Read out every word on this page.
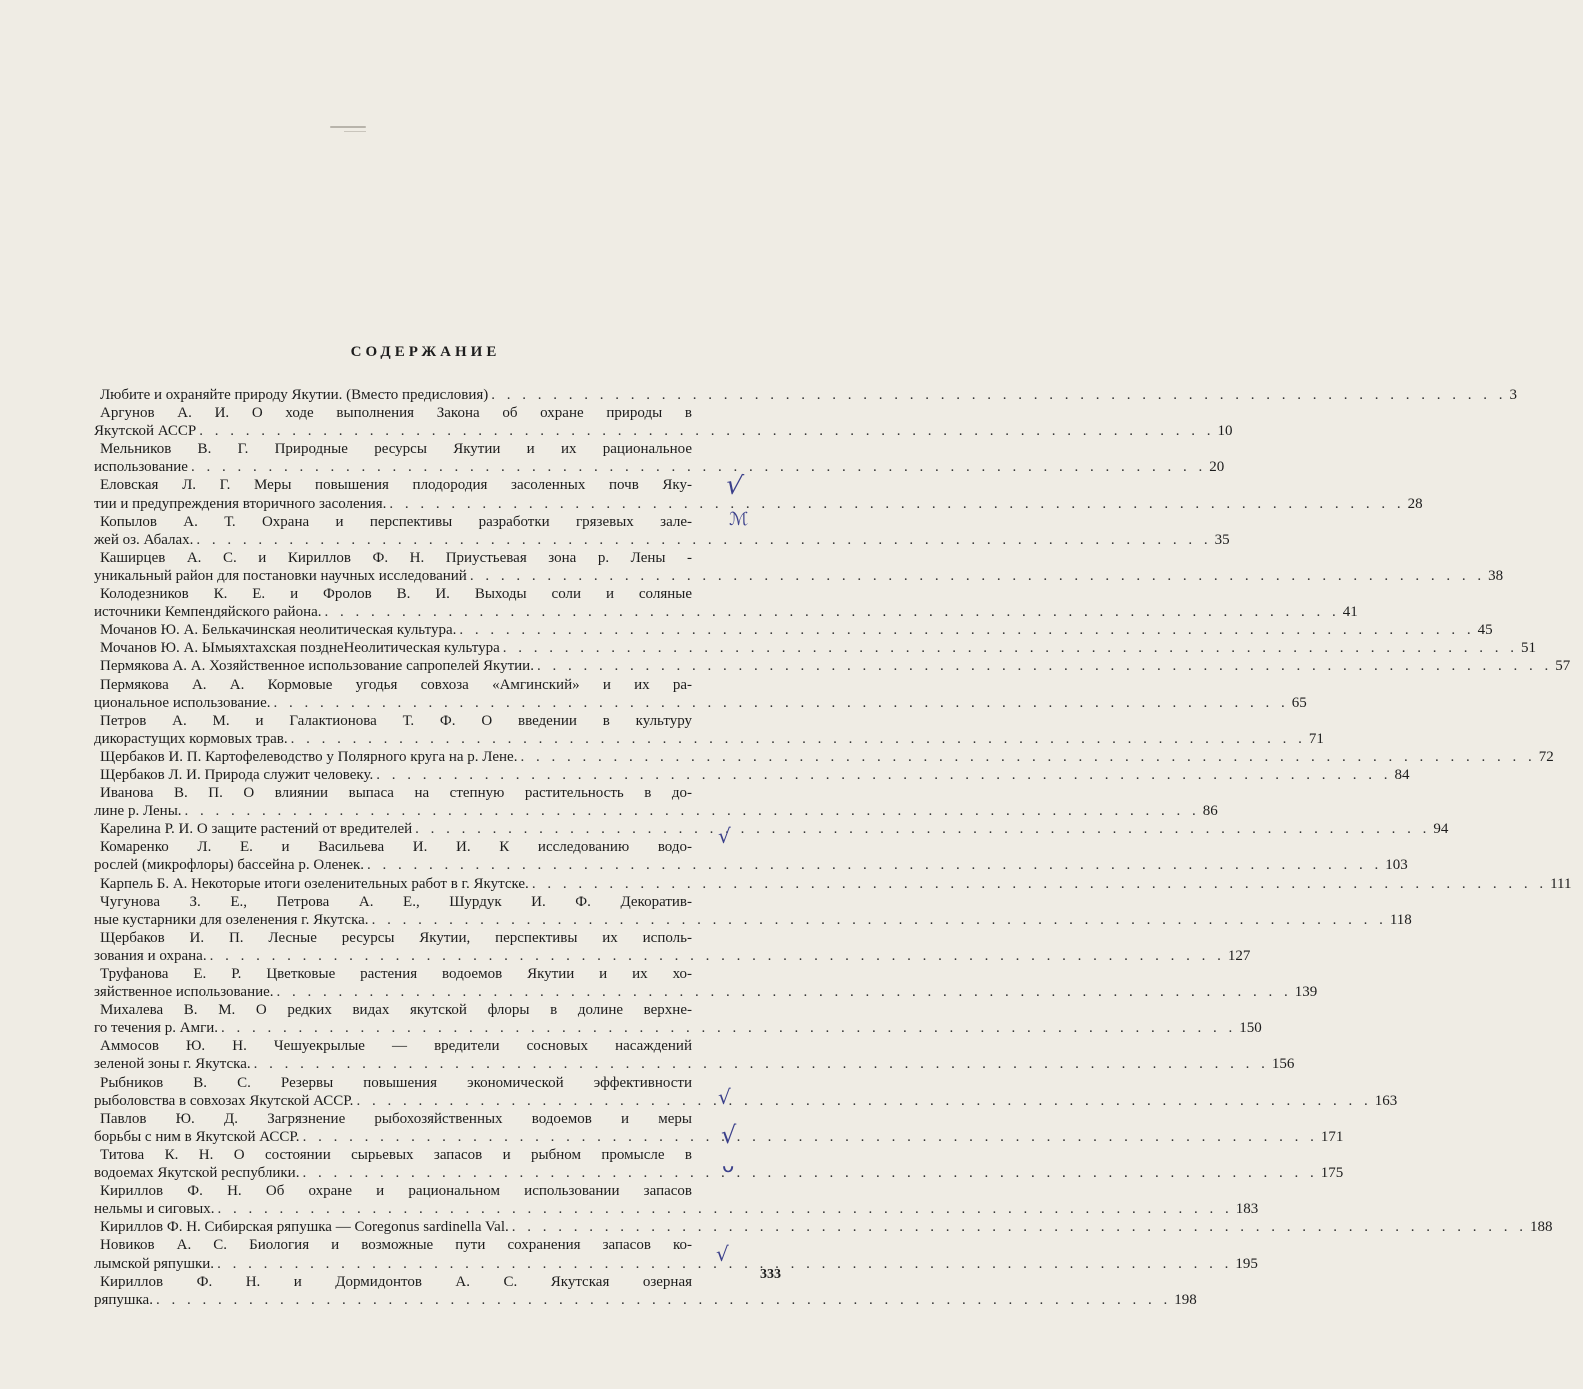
СОДЕРЖАНИЕ
Любите и охраняйте природу Якутии. (Вместо предисловия) . . .	3
Аргунов А. И. О ходе выполнения Закона об охране природы в
Якутской АССР . . .	10
Мельников В. Г. Природные ресурсы Якутии и их рациональное
использование . . .	20
Еловская Л. Г. Меры повышения плодородия засоленных почв Яку-
тии и предупреждения вторичного засоления. . . .	28
Копылов А. Т. Охрана и перспективы разработки грязевых зале-
жей оз. Абалах. . . .	35
Каширцев А. С. и Кириллов Ф. Н. Приустьевая зона р. Лены -
уникальный район для постановки научных исследований . . .	38
Колодезников К. Е. и Фролов В. И. Выходы соли и соляные
источники Кемпендяйского района. . . .	41
Мочанов Ю. А. Белькачинская неолитическая культура. . . .	45
Мочанов Ю. А. Ымыяхтахская позднеНеолитическая культура . . .	51
Пермякова А. А. Хозяйственное использование сапропелей Якутии. . . .	57
Пермякова А. А. Кормовые угодья совхоза «Амгинский» и их ра-
циональное использование. . . .	65
Петров А. М. и Галактионова Т. Ф. О введении в культуру
дикорастущих кормовых трав. . . .	71
Щербаков И. П. Картофелеводство у Полярного круга на р. Лене. . . .	72
Щербаков Л. И. Природа служит человеку. . . .	84
Иванова В. П. О влиянии выпаса на степную растительность в до-
лине р. Лены. . . .	86
Карелина Р. И. О защите растений от вредителей . . .	94
Комаренко Л. Е. и Васильева И. И. К исследованию водо-
рослей (микрофлоры) бассейна р. Оленек. . . .	103
Карпель Б. А. Некоторые итоги озеленительных работ в г. Якутске. . . .	111
Чугунова З. Е., Петрова А. Е., Шурдук И. Ф. Декоратив-
ные кустарники для озеленения г. Якутска. . . .	118
Щербаков И. П. Лесные ресурсы Якутии, перспективы их исполь-
зования и охрана. . . .	127
Труфанова Е. Р. Цветковые растения водоемов Якутии и их хо-
зяйственное использование. . . .	139
Михалева В. М. О редких видах якутской флоры в долине верхне-
го течения р. Амги. . . .	150
Аммосов Ю. Н. Чешуекрылые — вредители сосновых насаждений
зеленой зоны г. Якутска. . . .	156
Рыбников В. С. Резервы повышения экономической эффективности
рыболовства в совхозах Якутской АССР. . . .	163
Павлов Ю. Д. Загрязнение рыбохозяйственных водоемов и меры
борьбы с ним в Якутской АССР. . . .	171
Титова К. Н. О состоянии сырьевых запасов и рыбном промысле в
водоемах Якутской республики. . . .	175
Кириллов Ф. Н. Об охране и рациональном использовании запасов
нельмы и сиговых. . . .	183
Кириллов Ф. Н. Сибирская ряпушка — Coregonus sardinella Val. . . .	188
Новиков А. С. Биология и возможные пути сохранения запасов ко-
лымской ряпушки. . . .	195
Кириллов Ф. Н. и Дормидонтов А. С. Якутская озерная
ряпушка. . . .	198
√
ℳ
√
√
√
ᴗ
√
333
